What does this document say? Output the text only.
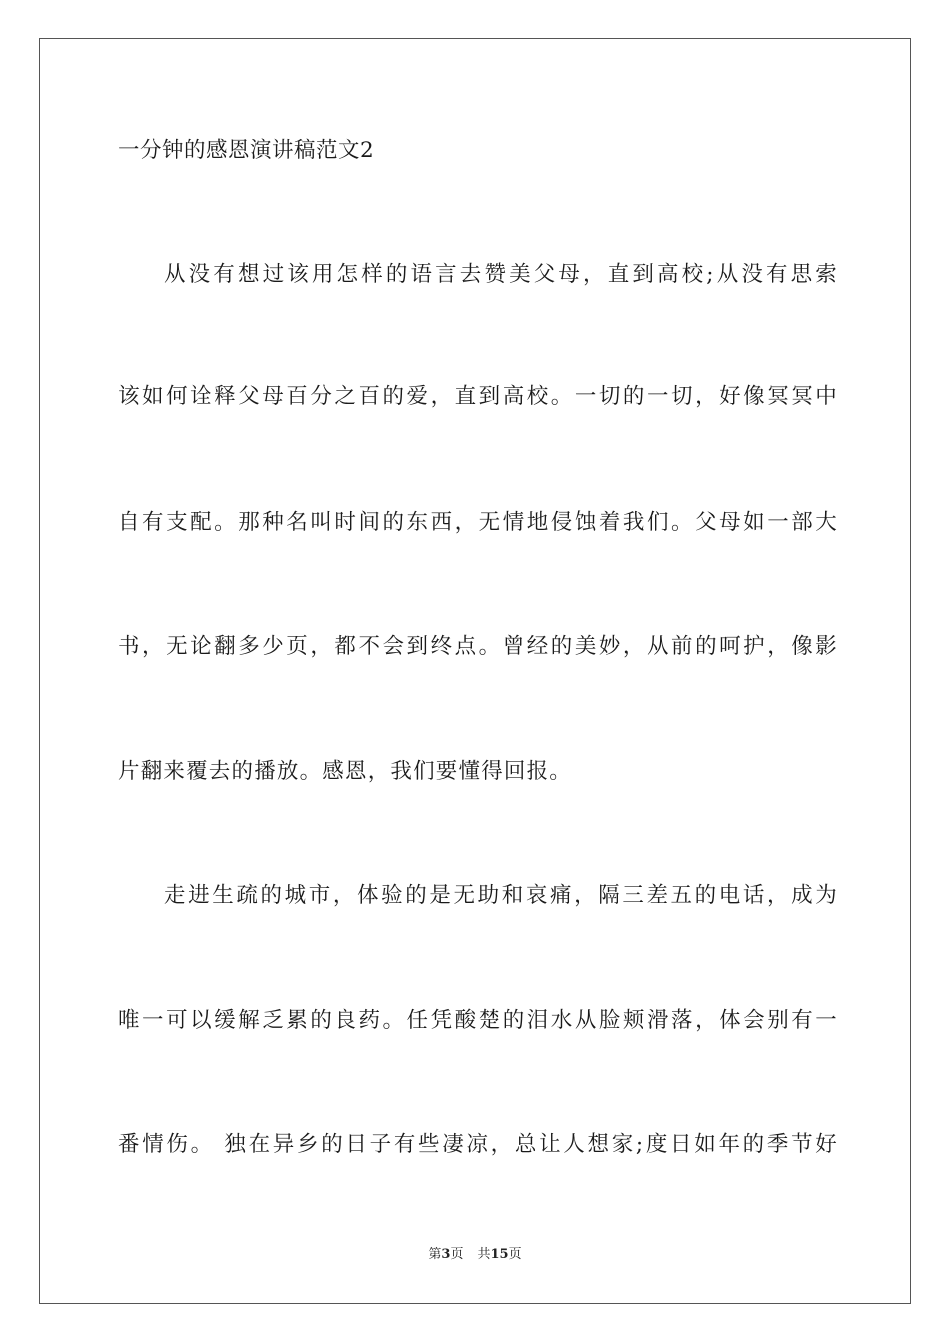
一分钟的感恩演讲稿范文2
从没有想过该用怎样的语言去赞美父母，直到高校;从没有思索
该如何诠释父母百分之百的爱，直到高校。一切的一切，好像冥冥中
自有支配。那种名叫时间的东西，无情地侵蚀着我们。父母如一部大
书，无论翻多少页，都不会到终点。曾经的美妙，从前的呵护，像影
片翻来覆去的播放。感恩，我们要懂得回报。
走进生疏的城市，体验的是无助和哀痛，隔三差五的电话，成为
唯一可以缓解乏累的良药。任凭酸楚的泪水从脸颊滑落，体会别有一
番情伤。 独在异乡的日子有些凄凉，总让人想家;度日如年的季节好
第3页 共15页
